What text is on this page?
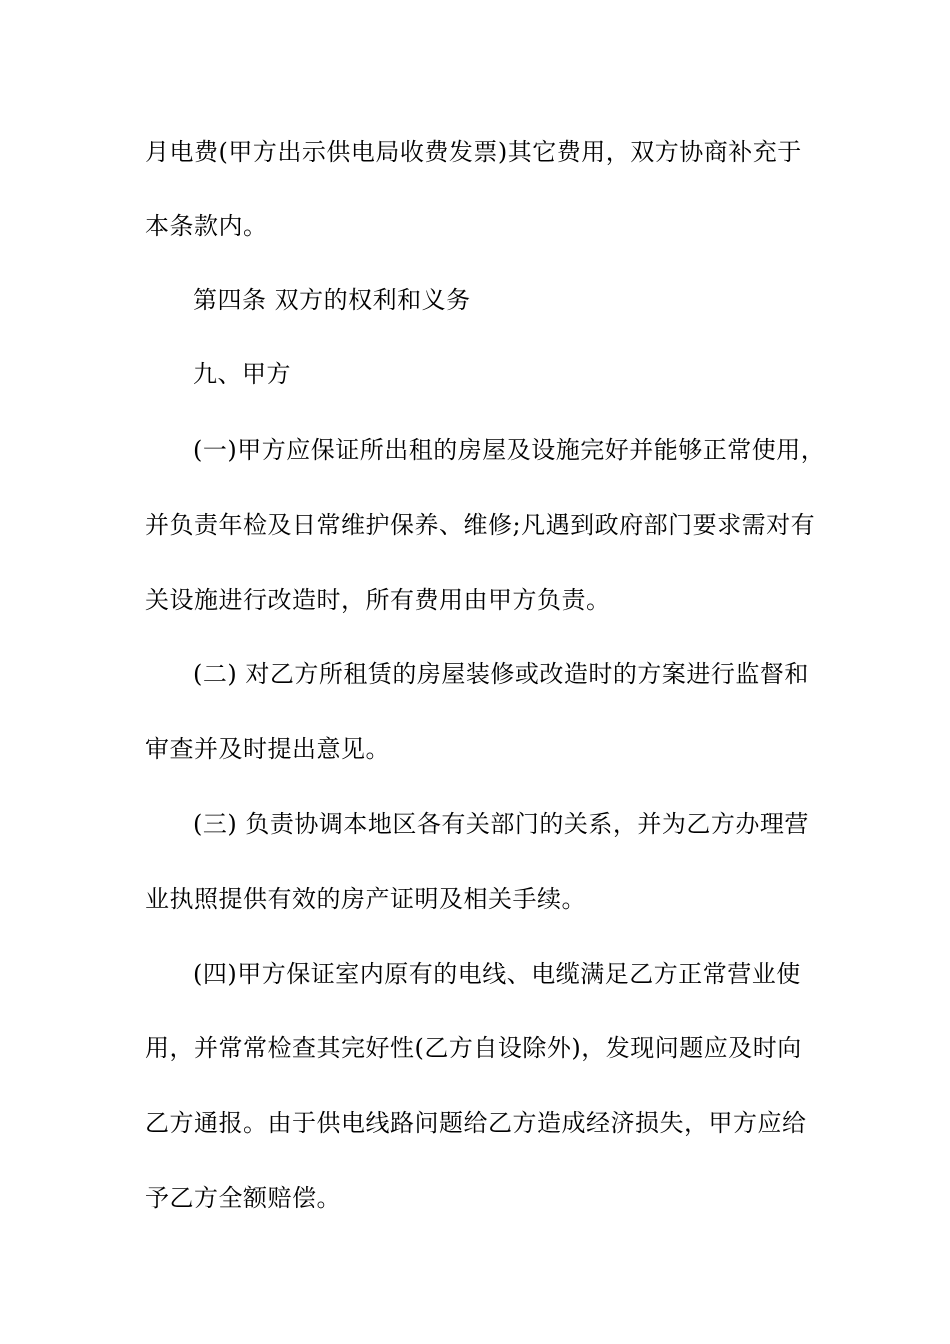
月电费(甲方出示供电局收费发票)其它费用，双方协商补充于
本条款内。
第四条 双方的权利和义务
九、甲方
(一)甲方应保证所出租的房屋及设施完好并能够正常使用，
并负责年检及日常维护保养、维修;凡遇到政府部门要求需对有
关设施进行改造时，所有费用由甲方负责。
(二) 对乙方所租赁的房屋装修或改造时的方案进行监督和
审查并及时提出意见。
(三) 负责协调本地区各有关部门的关系，并为乙方办理营
业执照提供有效的房产证明及相关手续。
(四)甲方保证室内原有的电线、电缆满足乙方正常营业使
用，并常常检查其完好性(乙方自设除外)，发现问题应及时向
乙方通报。由于供电线路问题给乙方造成经济损失，甲方应给
予乙方全额赔偿。
